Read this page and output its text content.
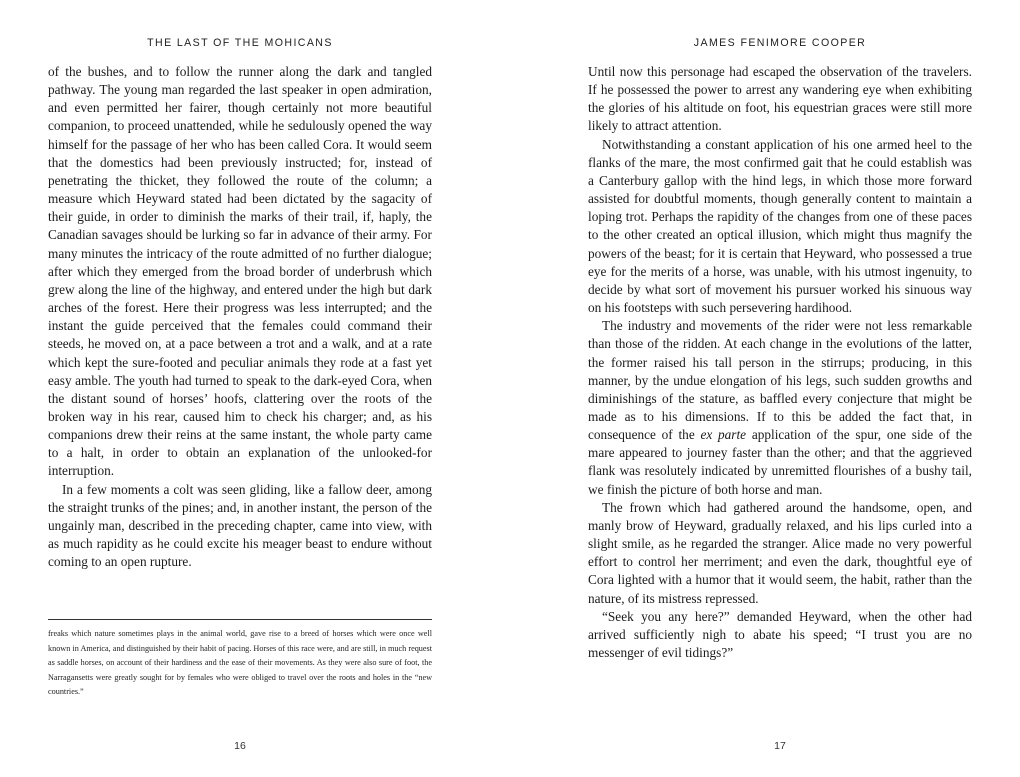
THE LAST OF THE MOHICANS

of the bushes, and to follow the runner along the dark and tangled pathway. The young man regarded the last speaker in open admiration, and even permitted her fairer, though certainly not more beautiful companion, to proceed unattended, while he sedulously opened the way himself for the passage of her who has been called Cora. It would seem that the domestics had been previously instructed; for, instead of penetrating the thicket, they followed the route of the column; a measure which Heyward stated had been dictated by the sagacity of their guide, in order to diminish the marks of their trail, if, haply, the Canadian savages should be lurking so far in advance of their army. For many minutes the intricacy of the route admitted of no further dialogue; after which they emerged from the broad border of underbrush which grew along the line of the highway, and entered under the high but dark arches of the forest. Here their progress was less interrupted; and the instant the guide perceived that the females could command their steeds, he moved on, at a pace between a trot and a walk, and at a rate which kept the sure-footed and peculiar animals they rode at a fast yet easy amble. The youth had turned to speak to the dark-eyed Cora, when the distant sound of horses’ hoofs, clattering over the roots of the broken way in his rear, caused him to check his charger; and, as his companions drew their reins at the same instant, the whole party came to a halt, in order to obtain an explanation of the unlooked-for interruption.

In a few moments a colt was seen gliding, like a fallow deer, among the straight trunks of the pines; and, in another instant, the person of the ungainly man, described in the preceding chapter, came into view, with as much rapidity as he could excite his meager beast to endure without coming to an open rupture.

freaks which nature sometimes plays in the animal world, gave rise to a breed of horses which were once well known in America, and distinguished by their habit of pacing. Horses of this race were, and are still, in much request as saddle horses, on account of their hardiness and the ease of their movements. As they were also sure of foot, the Narragansetts were greatly sought for by females who were obliged to travel over the roots and holes in the “new countries.”

16
JAMES FENIMORE COOPER

Until now this personage had escaped the observation of the travelers. If he possessed the power to arrest any wandering eye when exhibiting the glories of his altitude on foot, his equestrian graces were still more likely to attract attention.

Notwithstanding a constant application of his one armed heel to the flanks of the mare, the most confirmed gait that he could establish was a Canterbury gallop with the hind legs, in which those more forward assisted for doubtful moments, though generally content to maintain a loping trot. Perhaps the rapidity of the changes from one of these paces to the other created an optical illusion, which might thus magnify the powers of the beast; for it is certain that Heyward, who possessed a true eye for the merits of a horse, was unable, with his utmost ingenuity, to decide by what sort of movement his pursuer worked his sinuous way on his footsteps with such persevering hardihood.

The industry and movements of the rider were not less remarkable than those of the ridden. At each change in the evolutions of the latter, the former raised his tall person in the stirrups; producing, in this manner, by the undue elongation of his legs, such sudden growths and diminishings of the stature, as baffled every conjecture that might be made as to his dimensions. If to this be added the fact that, in consequence of the ex parte application of the spur, one side of the mare appeared to journey faster than the other; and that the aggrieved flank was resolutely indicated by unremitted flourishes of a bushy tail, we finish the picture of both horse and man.

The frown which had gathered around the handsome, open, and manly brow of Heyward, gradually relaxed, and his lips curled into a slight smile, as he regarded the stranger. Alice made no very powerful effort to control her merriment; and even the dark, thoughtful eye of Cora lighted with a humor that it would seem, the habit, rather than the nature, of its mistress repressed.

“Seek you any here?” demanded Heyward, when the other had arrived sufficiently nigh to abate his speed; “I trust you are no messenger of evil tidings?”

17
